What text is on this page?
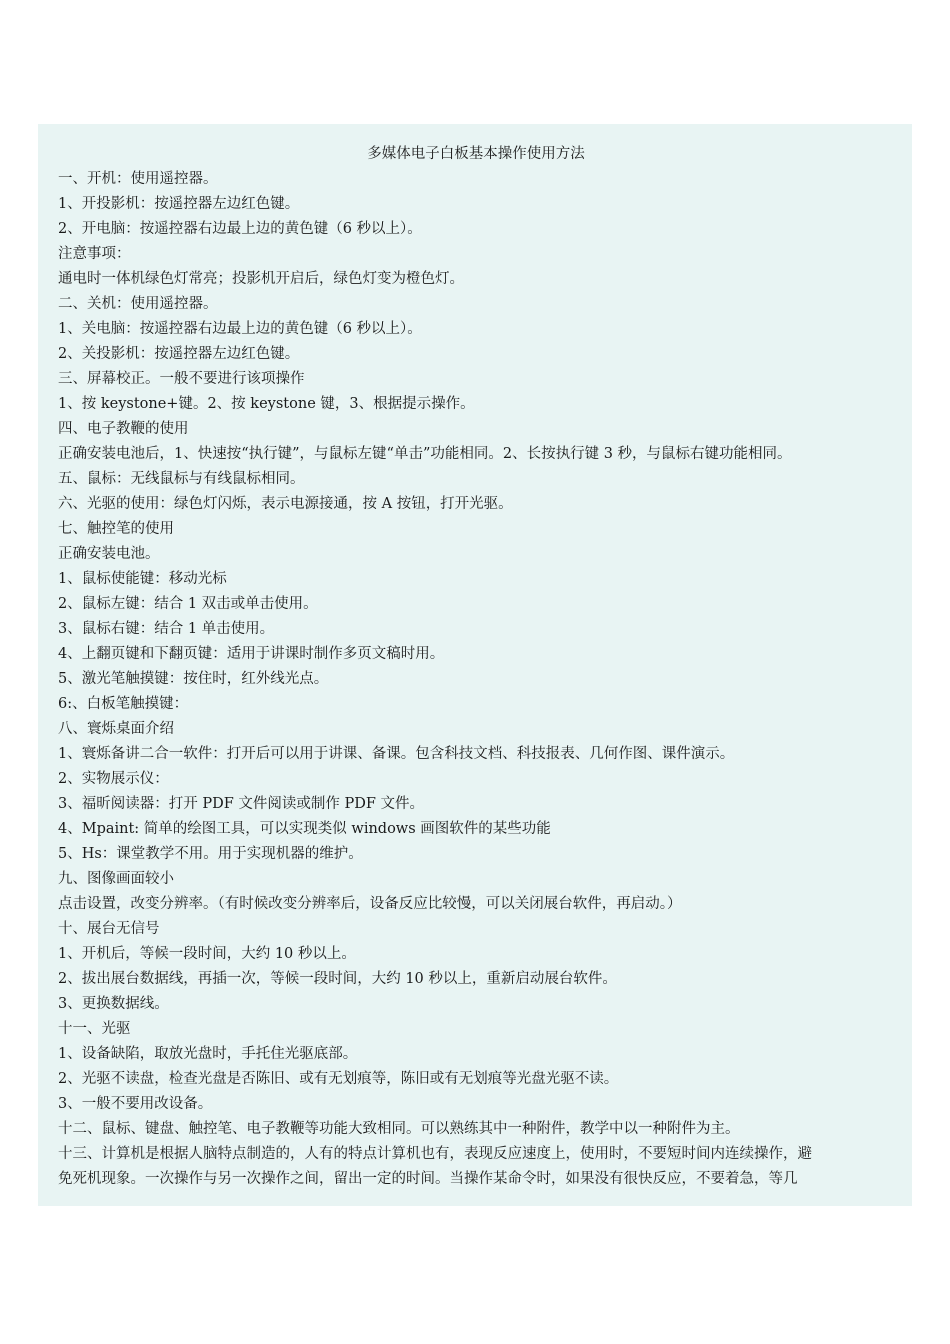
多媒体电子白板基本操作使用方法

一、开机：使用遥控器。

1、开投影机：按遥控器左边红色键。

2、开电脑：按遥控器右边最上边的黄色键（6 秒以上）。

注意事项：

通电时一体机绿色灯常亮；投影机开启后，绿色灯变为橙色灯。

二、关机：使用遥控器。

1、关电脑：按遥控器右边最上边的黄色键（6 秒以上）。

2、关投影机：按遥控器左边红色键。

三、屏幕校正。一般不要进行该项操作

1、按 keystone+键。2、按 keystone 键，3、根据提示操作。

四、电子教鞭的使用

正确安装电池后，1、快速按“执行键”，与鼠标左键“单击”功能相同。2、长按执行键 3 秒，与鼠标右键功能相同。

五、鼠标：无线鼠标与有线鼠标相同。

六、光驱的使用：绿色灯闪烁，表示电源接通，按 A 按钮，打开光驱。

七、触控笔的使用

正确安装电池。

1、鼠标使能键：移动光标

2、鼠标左键：结合 1 双击或单击使用。

3、鼠标右键：结合 1 单击使用。

4、上翻页键和下翻页键：适用于讲课时制作多页文稿时用。

5、激光笔触摸键：按住时，红外线光点。

6:、白板笔触摸键：

八、寰烁桌面介绍

1、寰烁备讲二合一软件：打开后可以用于讲课、备课。包含科技文档、科技报表、几何作图、课件演示。

2、实物展示仪：

3、福昕阅读器：打开 PDF 文件阅读或制作 PDF 文件。

4、Mpaint: 简单的绘图工具，可以实现类似 windows 画图软件的某些功能

5、Hs：课堂教学不用。用于实现机器的维护。

九、图像画面较小

点击设置，改变分辨率。（有时候改变分辨率后，设备反应比较慢，可以关闭展台软件，再启动。）

十、展台无信号

1、开机后，等候一段时间，大约 10 秒以上。

2、拔出展台数据线，再插一次，等候一段时间，大约 10 秒以上，重新启动展台软件。

3、更换数据线。

十一、光驱

1、设备缺陷，取放光盘时，手托住光驱底部。

2、光驱不读盘，检查光盘是否陈旧、或有无划痕等，陈旧或有无划痕等光盘光驱不读。

3、一般不要用改设备。

十二、鼠标、键盘、触控笔、电子教鞭等功能大致相同。可以熟练其中一种附件，教学中以一种附件为主。

十三、计算机是根据人脑特点制造的，人有的特点计算机也有，表现反应速度上，使用时，不要短时间内连续操作，避

免死机现象。一次操作与另一次操作之间，留出一定的时间。当操作某命令时，如果没有很快反应，不要着急，等几
